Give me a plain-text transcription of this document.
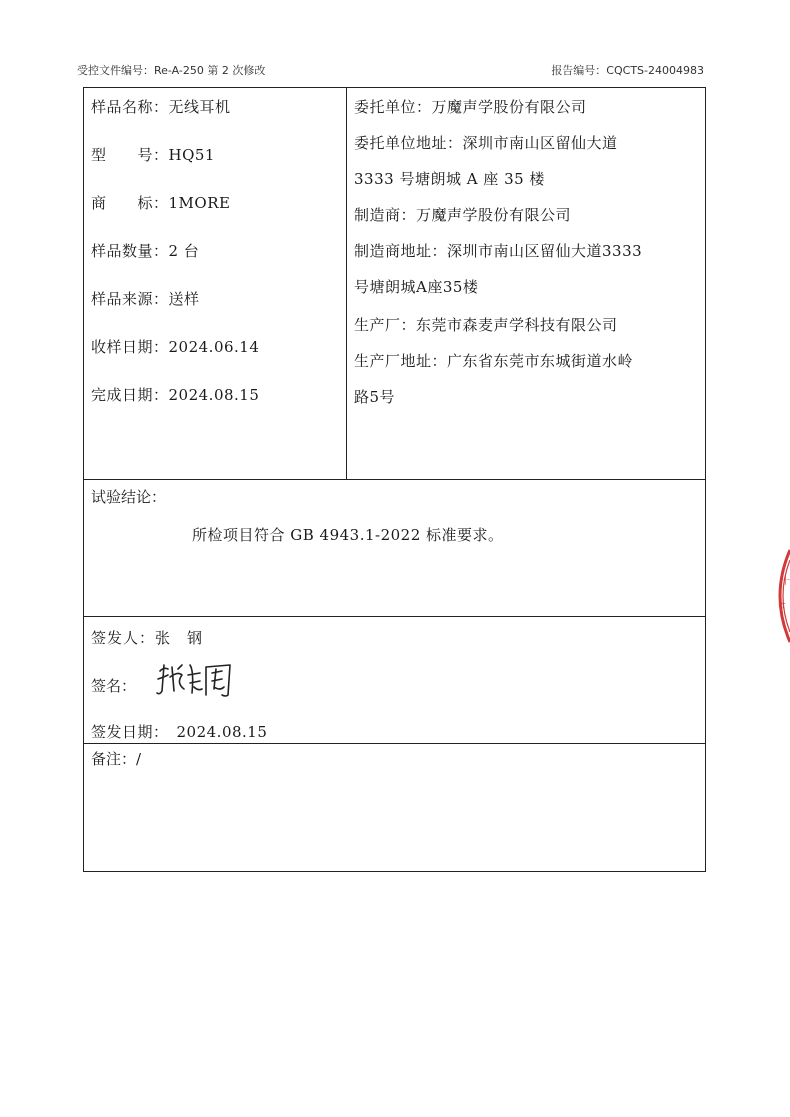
受控文件编号：Re-A-250 第 2 次修改	报告编号：CQCTS-24004983
样品名称：无线耳机
型　　号：HQ51
商　　标：1MORE
样品数量：2 台
样品来源：送样
收样日期：2024.06.14
完成日期：2024.08.15
委托单位：万魔声学股份有限公司
委托单位地址：深圳市南山区留仙大道
3333 号塘朗城 A 座 35 楼
制造商：万魔声学股份有限公司
制造商地址：深圳市南山区留仙大道3333
号塘朗城A座35楼
生产厂：东莞市森麦声学科技有限公司
生产厂地址：广东省东莞市东城街道水岭
路5号
试验结论：
所检项目符合 GB 4943.1-2022 标准要求。
签发人：张　钢
签名：
签发日期：　2024.08.15
备注：/
十
†
